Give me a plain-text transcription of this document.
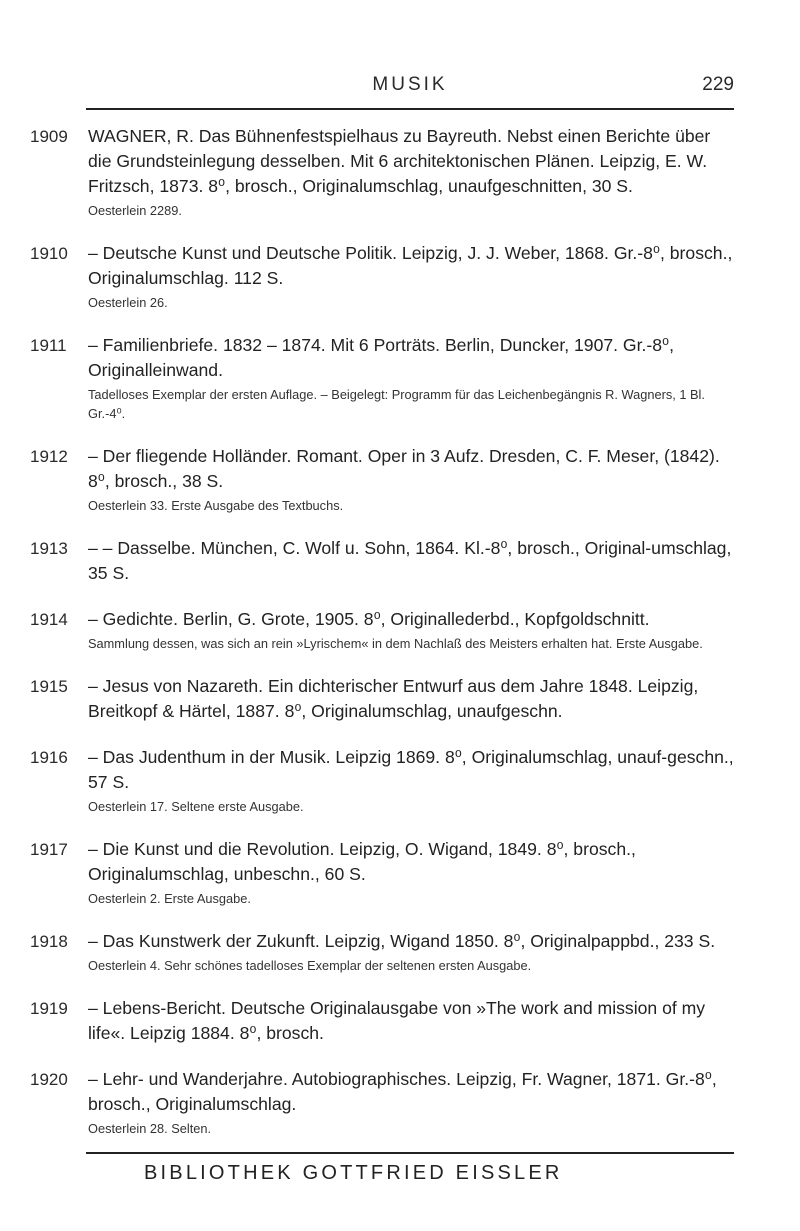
MUSIK	229
1909 WAGNER, R. Das Bühnenfestspielhaus zu Bayreuth. Nebst einen Berichte über die Grundsteinlegung desselben. Mit 6 architektonischen Plänen. Leipzig, E. W. Fritzsch, 1873. 8⁰, brosch., Originalumschlag, unaufgeschnitten, 30 S.
Oesterlein 2289.
1910 – Deutsche Kunst und Deutsche Politik. Leipzig, J. J. Weber, 1868. Gr.-8⁰, brosch., Originalumschlag. 112 S.
Oesterlein 26.
1911 – Familienbriefe. 1832 – 1874. Mit 6 Porträts. Berlin, Duncker, 1907. Gr.-8⁰, Originalleinwand.
Tadelloses Exemplar der ersten Auflage. – Beigelegt: Programm für das Leichenbegängnis R. Wagners, 1 Bl. Gr.-4⁰.
1912 – Der fliegende Holländer. Romant. Oper in 3 Aufz. Dresden, C. F. Meser, (1842). 8⁰, brosch., 38 S.
Oesterlein 33. Erste Ausgabe des Textbuchs.
1913 – – Dasselbe. München, C. Wolf u. Sohn, 1864. Kl.-8⁰, brosch., Original-umschlag, 35 S.
1914 – Gedichte. Berlin, G. Grote, 1905. 8⁰, Originallederbd., Kopfgoldschnitt.
Sammlung dessen, was sich an rein »Lyrischem« in dem Nachlaß des Meisters erhalten hat. Erste Ausgabe.
1915 – Jesus von Nazareth. Ein dichterischer Entwurf aus dem Jahre 1848. Leipzig, Breitkopf & Härtel, 1887. 8⁰, Originalumschlag, unaufgeschn.
1916 – Das Judenthum in der Musik. Leipzig 1869. 8⁰, Originalumschlag, unauf-geschn., 57 S.
Oesterlein 17. Seltene erste Ausgabe.
1917 – Die Kunst und die Revolution. Leipzig, O. Wigand, 1849. 8⁰, brosch., Originalumschlag, unbeschn., 60 S.
Oesterlein 2. Erste Ausgabe.
1918 – Das Kunstwerk der Zukunft. Leipzig, Wigand 1850. 8⁰, Originalpappbd., 233 S.
Oesterlein 4. Sehr schönes tadelloses Exemplar der seltenen ersten Ausgabe.
1919 – Lebens-Bericht. Deutsche Originalausgabe von »The work and mission of my life«. Leipzig 1884. 8⁰, brosch.
1920 – Lehr- und Wanderjahre. Autobiographisches. Leipzig, Fr. Wagner, 1871. Gr.-8⁰, brosch., Originalumschlag.
Oesterlein 28. Selten.
BIBLIOTHEK GOTTFRIED EISSLER
